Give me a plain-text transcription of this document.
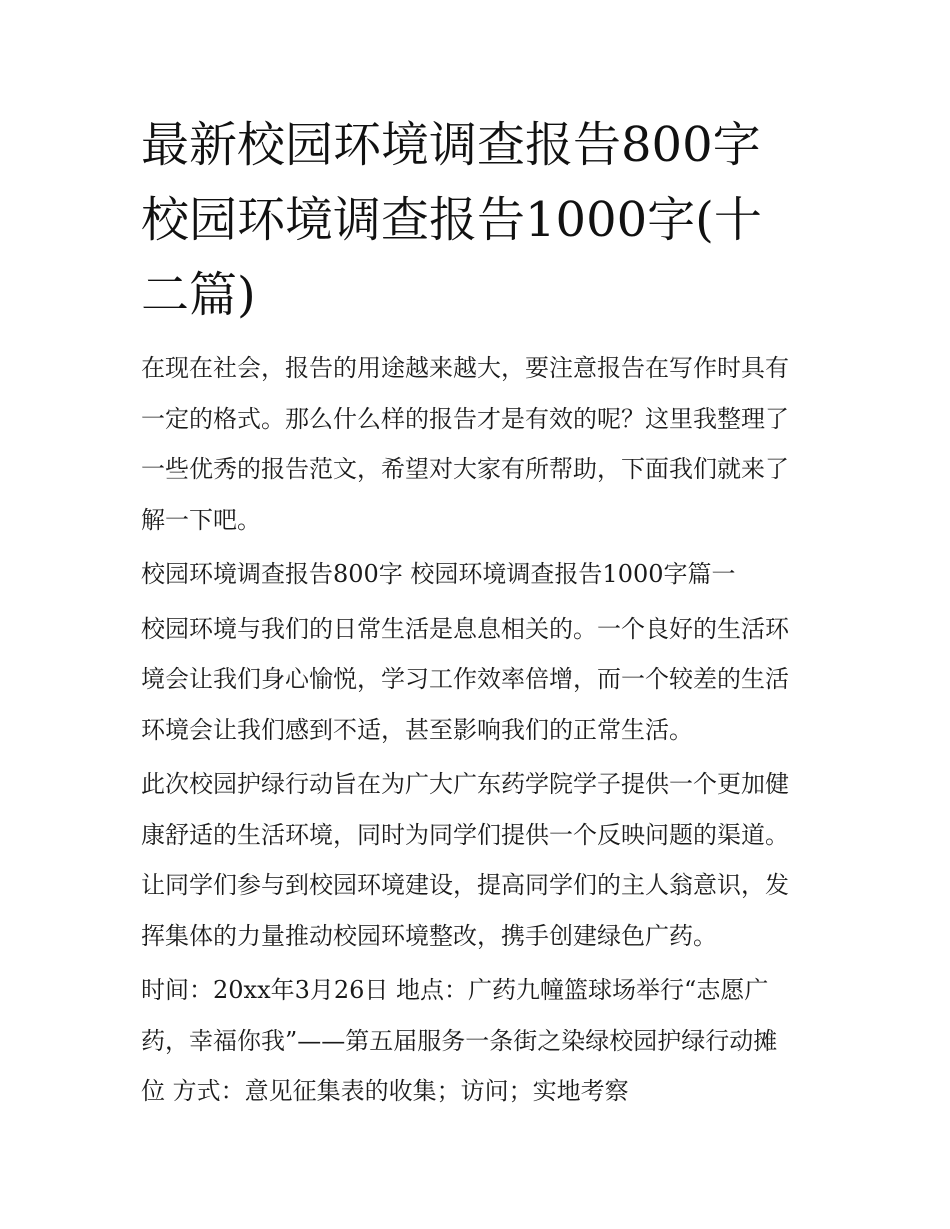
最新校园环境调查报告800字
校园环境调查报告1000字(十
二篇)

在现在社会，报告的用途越来越大，要注意报告在写作时具有
一定的格式。那么什么样的报告才是有效的呢？这里我整理了
一些优秀的报告范文，希望对大家有所帮助，下面我们就来了
解一下吧。

校园环境调查报告800字 校园环境调查报告1000字篇一

校园环境与我们的日常生活是息息相关的。一个良好的生活环
境会让我们身心愉悦，学习工作效率倍增，而一个较差的生活
环境会让我们感到不适，甚至影响我们的正常生活。

此次校园护绿行动旨在为广大广东药学院学子提供一个更加健
康舒适的生活环境，同时为同学们提供一个反映问题的渠道。
让同学们参与到校园环境建设，提高同学们的主人翁意识，发
挥集体的力量推动校园环境整改，携手创建绿色广药。

时间：20xx年3月26日 地点：广药九幢篮球场举行“志愿广
药，幸福你我”——第五届服务一条街之染绿校园护绿行动摊
位 方式：意见征集表的收集；访问；实地考察
